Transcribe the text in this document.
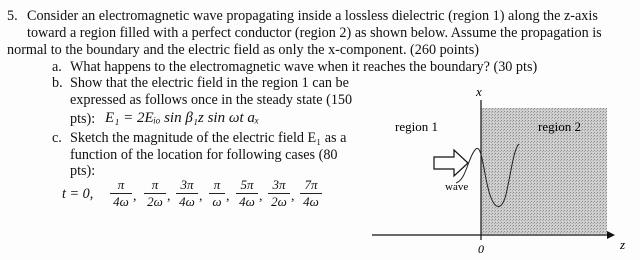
5. Consider an electromagnetic wave propagating inside a lossless dielectric (region 1) along the z-axis
toward a region filled with a perfect conductor (region 2) as shown below. Assume the propagation is
normal to the boundary and the electric field as only the x-component. (260 points)
a. What happens to the electromagnetic wave when it reaches the boundary? (30 pts)
b. Show that the electric field in the region 1 can be
expressed as follows once in the steady state (150
pts): E₁ = 2Eᵢₒ sin β₁z sin ωt aₓ
c. Sketch the magnitude of the electric field E₁ as a
function of the location for following cases (80
pts):
t = 0,
π
4ω ,
π
2ω ,
3π
4ω ,
π
ω ,
5π
4ω ,
3π
2ω ,
7π
4ω
x
z
0
region 1	region 2
wave
